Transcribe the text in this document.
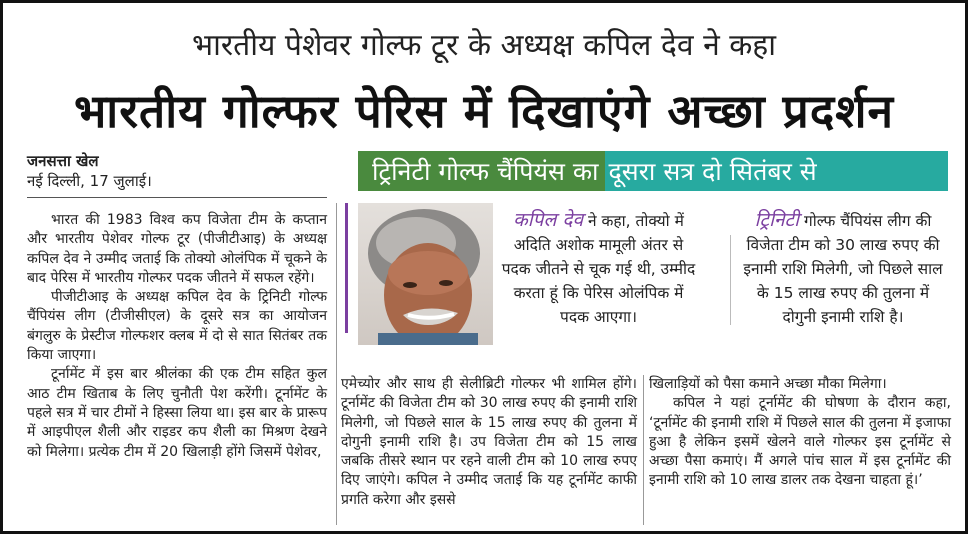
भारतीय पेशेवर गोल्फ टूर के अध्यक्ष कपिल देव ने कहा
भारतीय गोल्फर पेरिस में दिखाएंगे अच्छा प्रदर्शन
जनसत्ता खेल
नई दिल्ली, 17 जुलाई।

भारत की 1983 विश्व कप विजेता टीम के कप्तान और भारतीय पेशेवर गोल्फ टूर (पीजीटीआइ) के अध्यक्ष कपिल देव ने उम्मीद जताई कि तोक्यो ओलंपिक में चूकने के बाद पेरिस में भारतीय गोल्फर पदक जीतने में सफल रहेंगे।

पीजीटीआइ के अध्यक्ष कपिल देव के ट्रिनिटी गोल्फ चैंपियंस लीग (टीजीसीएल) के दूसरे सत्र का आयोजन बंगलुरु के प्रेस्टीज गोल्फशर क्लब में दो से सात सितंबर तक किया जाएगा।

टूर्नामेंट में इस बार श्रीलंका की एक टीम सहित कुल आठ टीम खिताब के लिए चुनौती पेश करेंगी। टूर्नामेंट के पहले सत्र में चार टीमों ने हिस्सा लिया था। इस बार के प्रारूप में आइपीएल शैली और राइडर कप शैली का मिश्रण देखने को मिलेगा। प्रत्येक टीम में 20 खिलाड़ी होंगे जिसमें पेशेवर,

ट्रिनिटी गोल्फ चैंपियंस का दूसरा सत्र दो सितंबर से
कपिल देव ने कहा, तोक्यो में अदिति अशोक मामूली अंतर से पदक जीतने से चूक गई थी, उम्मीद करता हूं कि पेरिस ओलंपिक में पदक आएगा।
ट्रिनिटी गोल्फ चैंपियंस लीग की विजेता टीम को 30 लाख रुपए की इनामी राशि मिलेगी, जो पिछले साल के 15 लाख रुपए की तुलना में दोगुनी इनामी राशि है।

एमेच्योर और साथ ही सेलीब्रिटी गोल्फर भी शामिल होंगे। टूर्नामेंट की विजेता टीम को 30 लाख रुपए की इनामी राशि मिलेगी, जो पिछले साल के 15 लाख रुपए की तुलना में दोगुनी इनामी राशि है। उप विजेता टीम को 15 लाख जबकि तीसरे स्थान पर रहने वाली टीम को 10 लाख रुपए दिए जाएंगे। कपिल ने उम्मीद जताई कि यह टूर्नामेंट काफी प्रगति करेगा और इससे

खिलाड़ियों को पैसा कमाने अच्छा मौका मिलेगा।

कपिल ने यहां टूर्नामेंट की घोषणा के दौरान कहा, ‘टूर्नामेंट की इनामी राशि में पिछले साल की तुलना में इजाफा हुआ है लेकिन इसमें खेलने वाले गोल्फर इस टूर्नामेंट से अच्छा पैसा कमाएं। मैं अगले पांच साल में इस टूर्नामेंट की इनामी राशि को 10 लाख डालर तक देखना चाहता हूं।’
